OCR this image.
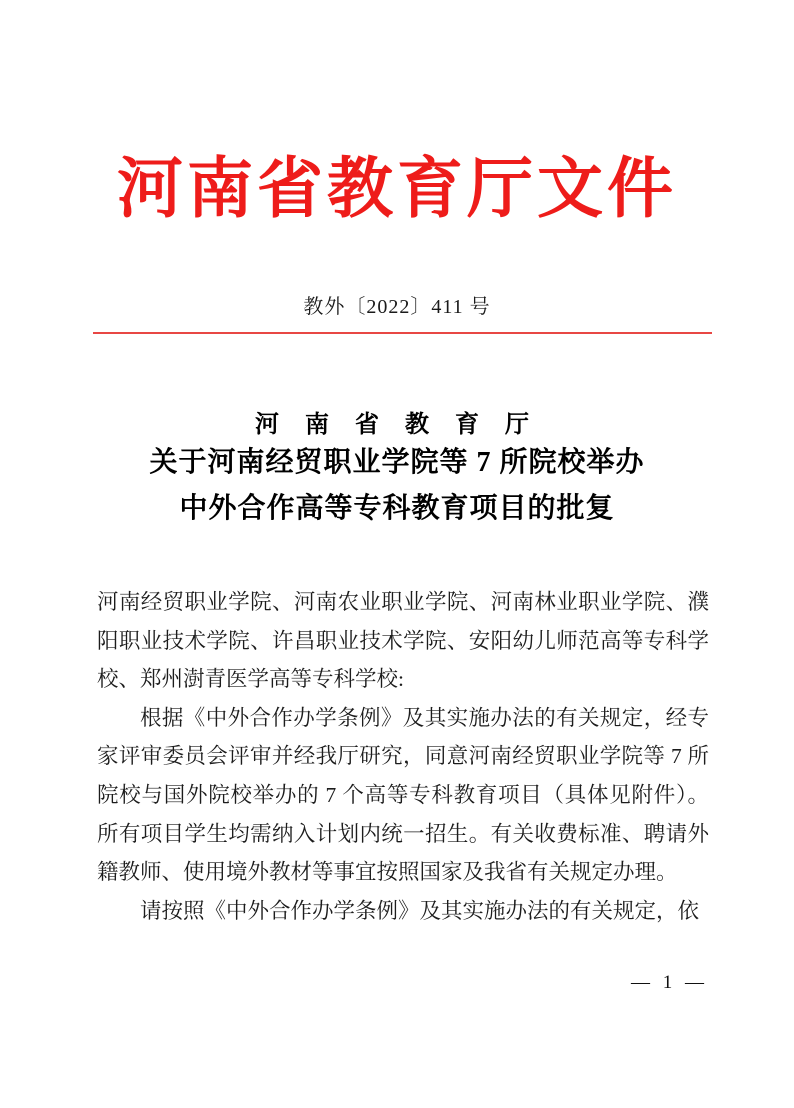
河南省教育厅文件
教外〔2022〕411 号
河 南 省 教 育 厅
关于河南经贸职业学院等 7 所院校举办
中外合作高等专科教育项目的批复

河南经贸职业学院、河南农业职业学院、河南林业职业学院、濮阳职业技术学院、许昌职业技术学院、安阳幼儿师范高等专科学校、郑州澍青医学高等专科学校:

根据《中外合作办学条例》及其实施办法的有关规定，经专家评审委员会评审并经我厅研究，同意河南经贸职业学院等 7 所院校与国外院校举办的 7 个高等专科教育项目（具体见附件）。所有项目学生均需纳入计划内统一招生。有关收费标准、聘请外籍教师、使用境外教材等事宜按照国家及我省有关规定办理。

请按照《中外合作办学条例》及其实施办法的有关规定，依

— 1 —
